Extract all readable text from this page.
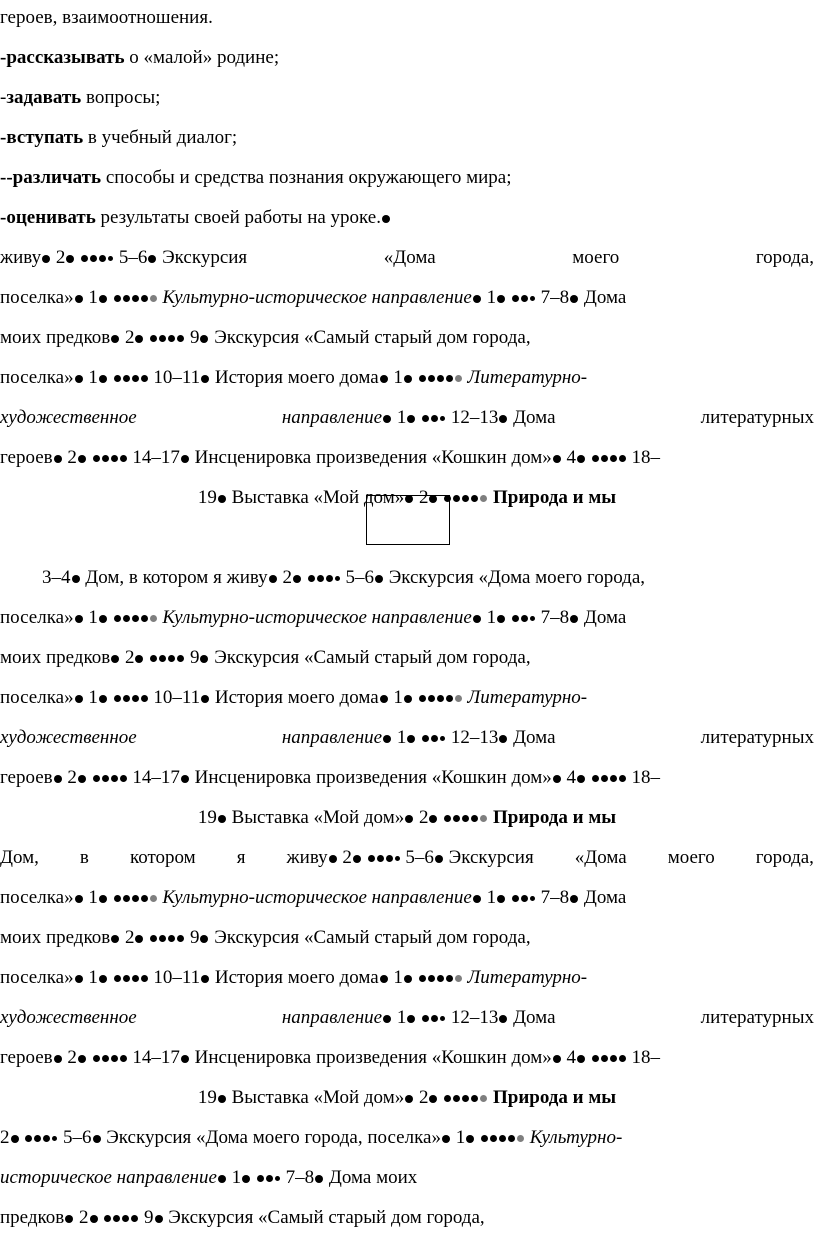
героев, взаимоотношения.
-рассказывать о «малой» родине;
-задавать вопросы;
-вступать в учебный диалог;
--различать способы и средства познания окружающего мира;
-оценивать результаты своей работы на уроке.
живу 2	5–6 Экскурсия	«Дома	моего	города,
поселка» 1	Культурно-историческое направление 1 7–8 Дома
моих предков 2	9 Экскурсия «Самый старый дом города,
поселка» 1	10–11 История моего дома 1	Литературно-
художественное	направление 1 12–13 Дома	литературных
героев 2	14–17 Инсценировка произведения «Кошкин дом» 4	18–
19 Выставка «Мой дом» 2	Природа и мы
3–4 Дом, в котором я живу 2	5–6 Экскурсия «Дома моего города,
поселка» 1	Культурно-историческое направление 1 7–8 Дома
моих предков 2	9 Экскурсия «Самый старый дом города,
поселка» 1	10–11 История моего дома 1	Литературно-
художественное	направление 1 12–13 Дома	литературных
героев 2	14–17 Инсценировка произведения «Кошкин дом» 4	18–
19 Выставка «Мой дом» 2	Природа и мы
Дом, в котором я живу 2	5–6 Экскурсия «Дома моего города,
поселка» 1	Культурно-историческое направление 1 7–8 Дома
моих предков 2	9 Экскурсия «Самый старый дом города,
поселка» 1	10–11 История моего дома 1	Литературно-
художественное	направление 1 12–13 Дома	литературных
героев 2	14–17 Инсценировка произведения «Кошкин дом» 4	18–
19 Выставка «Мой дом» 2	Природа и мы
2	5–6 Экскурсия «Дома моего города, поселка» 1	Культурно-
историческое направление 1 7–8 Дома моих
предков 2	9 Экскурсия «Самый старый дом города,
